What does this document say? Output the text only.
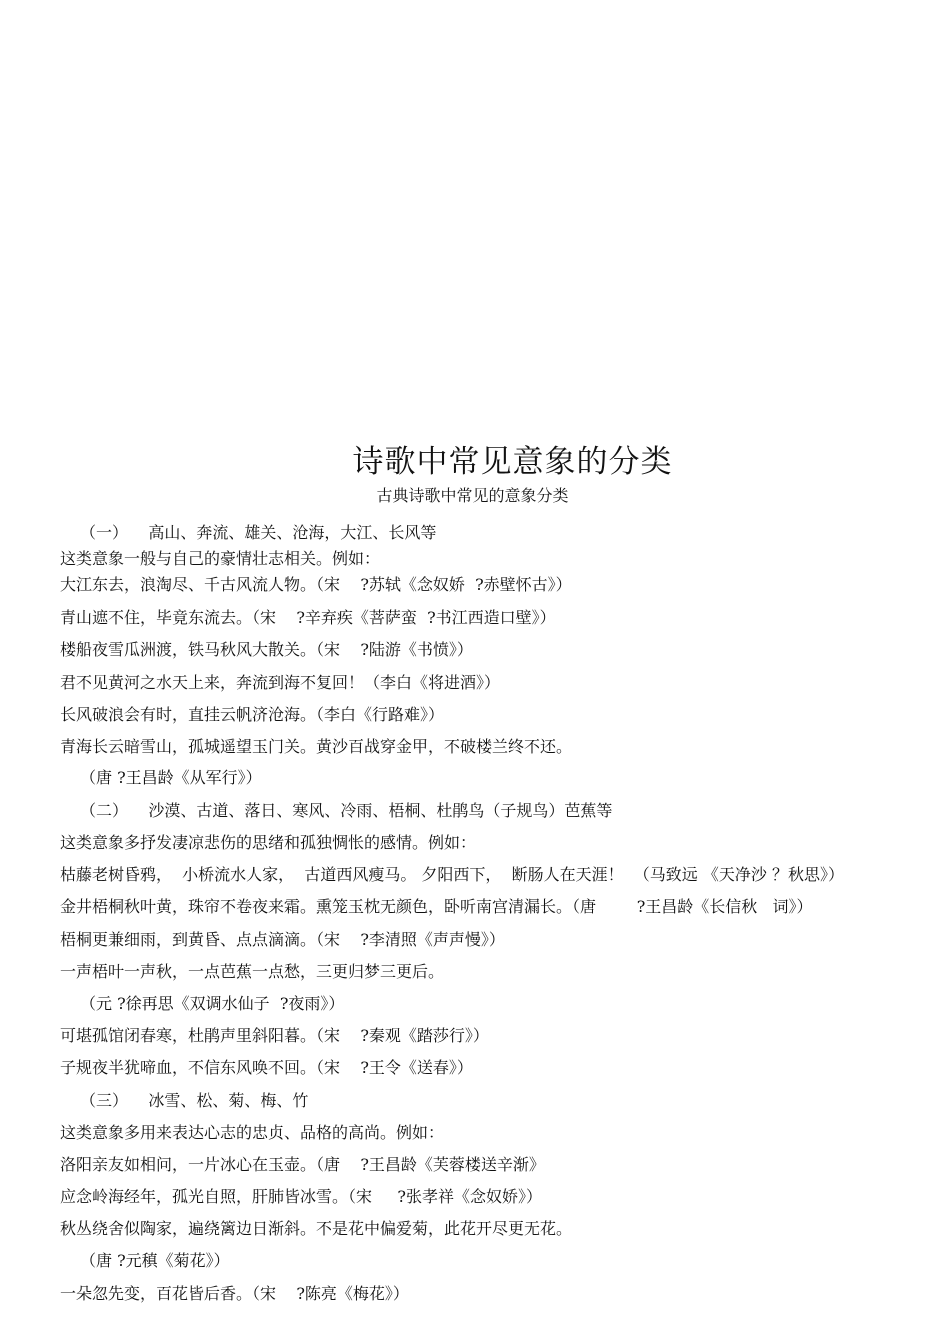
诗歌中常见意象的分类
古典诗歌中常见的意象分类
（一）    高山、奔流、雄关、沧海，大江、长风等
这类意象一般与自己的豪情壮志相关。例如：
大江东去，浪淘尽、千古风流人物。（宋    ?苏轼《念奴娇  ?赤壁怀古》）
青山遮不住，毕竟东流去。（宋    ?辛弃疾《菩萨蛮  ?书江西造口壁》）
楼船夜雪瓜洲渡，铁马秋风大散关。（宋    ?陆游《书愤》）
君不见黄河之水天上来，奔流到海不复回！（李白《将进酒》）
长风破浪会有时，直挂云帆济沧海。（李白《行路难》）
青海长云暗雪山，孤城遥望玉门关。黄沙百战穿金甲，不破楼兰终不还。
（唐 ?王昌龄《从军行》）
（二）    沙漠、古道、落日、寒风、冷雨、梧桐、杜鹃鸟（子规鸟）芭蕉等
这类意象多抒发凄凉悲伤的思绪和孤独惆怅的感情。例如：
枯藤老树昏鸦，  小桥流水人家，  古道西风瘦马。 夕阳西下，  断肠人在天涯！  （马致远 《天净沙 ？秋思》）
金井梧桐秋叶黄，珠帘不卷夜来霜。熏笼玉枕无颜色，卧听南宫清漏长。（唐        ?王昌龄《长信秋   词》）
梧桐更兼细雨，到黄昏、点点滴滴。（宋    ?李清照《声声慢》）
一声梧叶一声秋，一点芭蕉一点愁，三更归梦三更后。
（元 ?徐再思《双调水仙子  ?夜雨》）
可堪孤馆闭春寒，杜鹃声里斜阳暮。（宋    ?秦观《踏莎行》）
子规夜半犹啼血，不信东风唤不回。（宋    ?王令《送春》）
（三）    冰雪、松、菊、梅、竹
这类意象多用来表达心志的忠贞、品格的高尚。例如：
洛阳亲友如相问，一片冰心在玉壶。（唐    ?王昌龄《芙蓉楼送辛渐》
应念岭海经年，孤光自照，肝肺皆冰雪。（宋     ?张孝祥《念奴娇》）
秋丛绕舍似陶家，遍绕篱边日渐斜。不是花中偏爱菊，此花开尽更无花。
（唐 ?元稹《菊花》）
一朵忽先变，百花皆后香。（宋    ?陈亮《梅花》）
